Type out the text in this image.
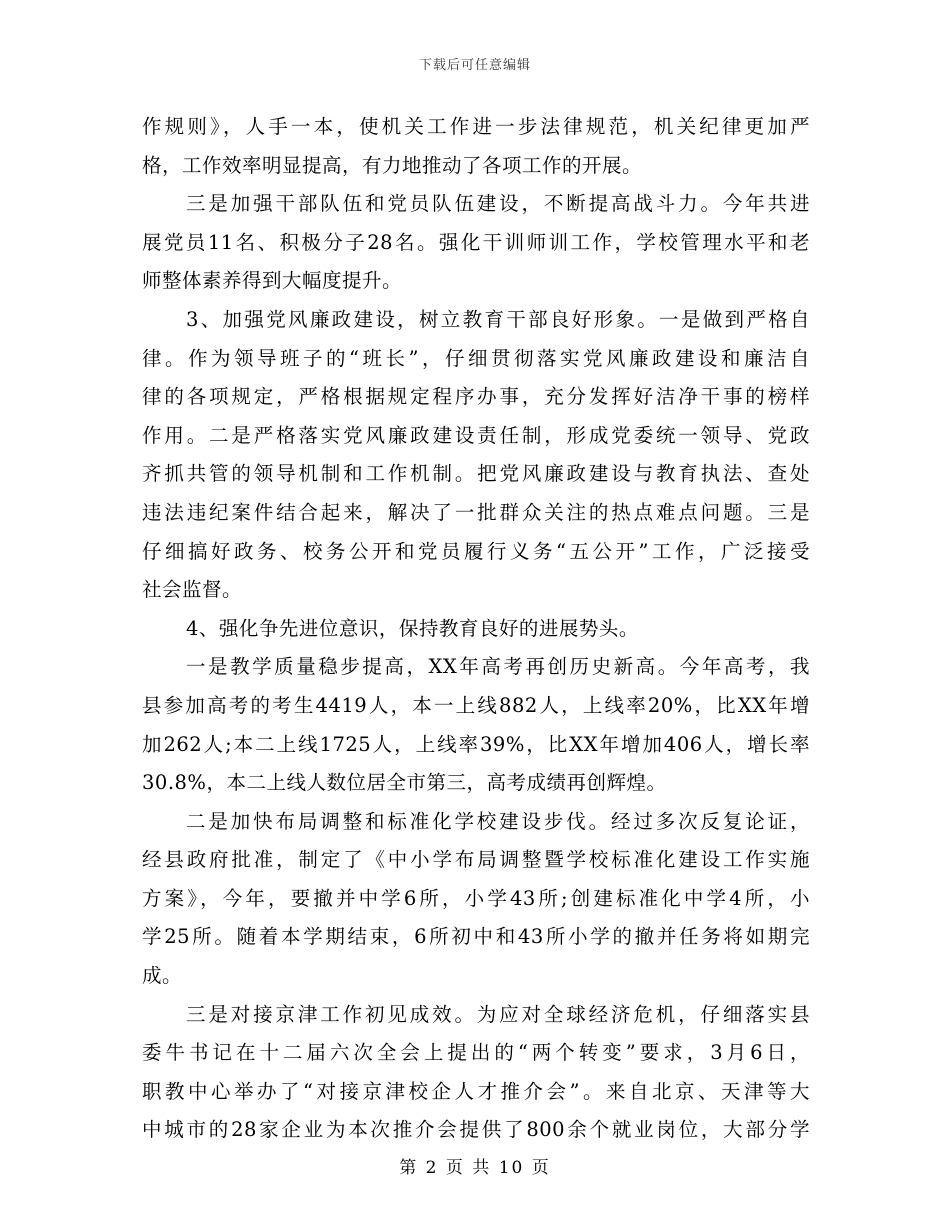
下载后可任意编辑
作规则》，人手一本，使机关工作进一步法律规范，机关纪律更加严
格，工作效率明显提高，有力地推动了各项工作的开展。
三是加强干部队伍和党员队伍建设，不断提高战斗力。今年共进
展党员11名、积极分子28名。强化干训师训工作，学校管理水平和老
师整体素养得到大幅度提升。
3、加强党风廉政建设，树立教育干部良好形象。一是做到严格自
律。作为领导班子的“班长”，仔细贯彻落实党风廉政建设和廉洁自
律的各项规定，严格根据规定程序办事，充分发挥好洁净干事的榜样
作用。二是严格落实党风廉政建设责任制，形成党委统一领导、党政
齐抓共管的领导机制和工作机制。把党风廉政建设与教育执法、查处
违法违纪案件结合起来，解决了一批群众关注的热点难点问题。三是
仔细搞好政务、校务公开和党员履行义务“五公开”工作，广泛接受
社会监督。
4、强化争先进位意识，保持教育良好的进展势头。
一是教学质量稳步提高，XX年高考再创历史新高。今年高考，我
县参加高考的考生4419人，本一上线882人，上线率20%，比XX年增
加262人;本二上线1725人，上线率39%，比XX年增加406人，增长率
30.8%，本二上线人数位居全市第三，高考成绩再创辉煌。
二是加快布局调整和标准化学校建设步伐。经过多次反复论证，
经县政府批准，制定了《中小学布局调整暨学校标准化建设工作实施
方案》，今年，要撤并中学6所，小学43所;创建标准化中学4所，小
学25所。随着本学期结束，6所初中和43所小学的撤并任务将如期完
成。
三是对接京津工作初见成效。为应对全球经济危机，仔细落实县
委牛书记在十二届六次全会上提出的“两个转变”要求，3月6日，
职教中心举办了“对接京津校企人才推介会”。来自北京、天津等大
中城市的28家企业为本次推介会提供了800余个就业岗位，大部分学
第 2 页 共 10 页
